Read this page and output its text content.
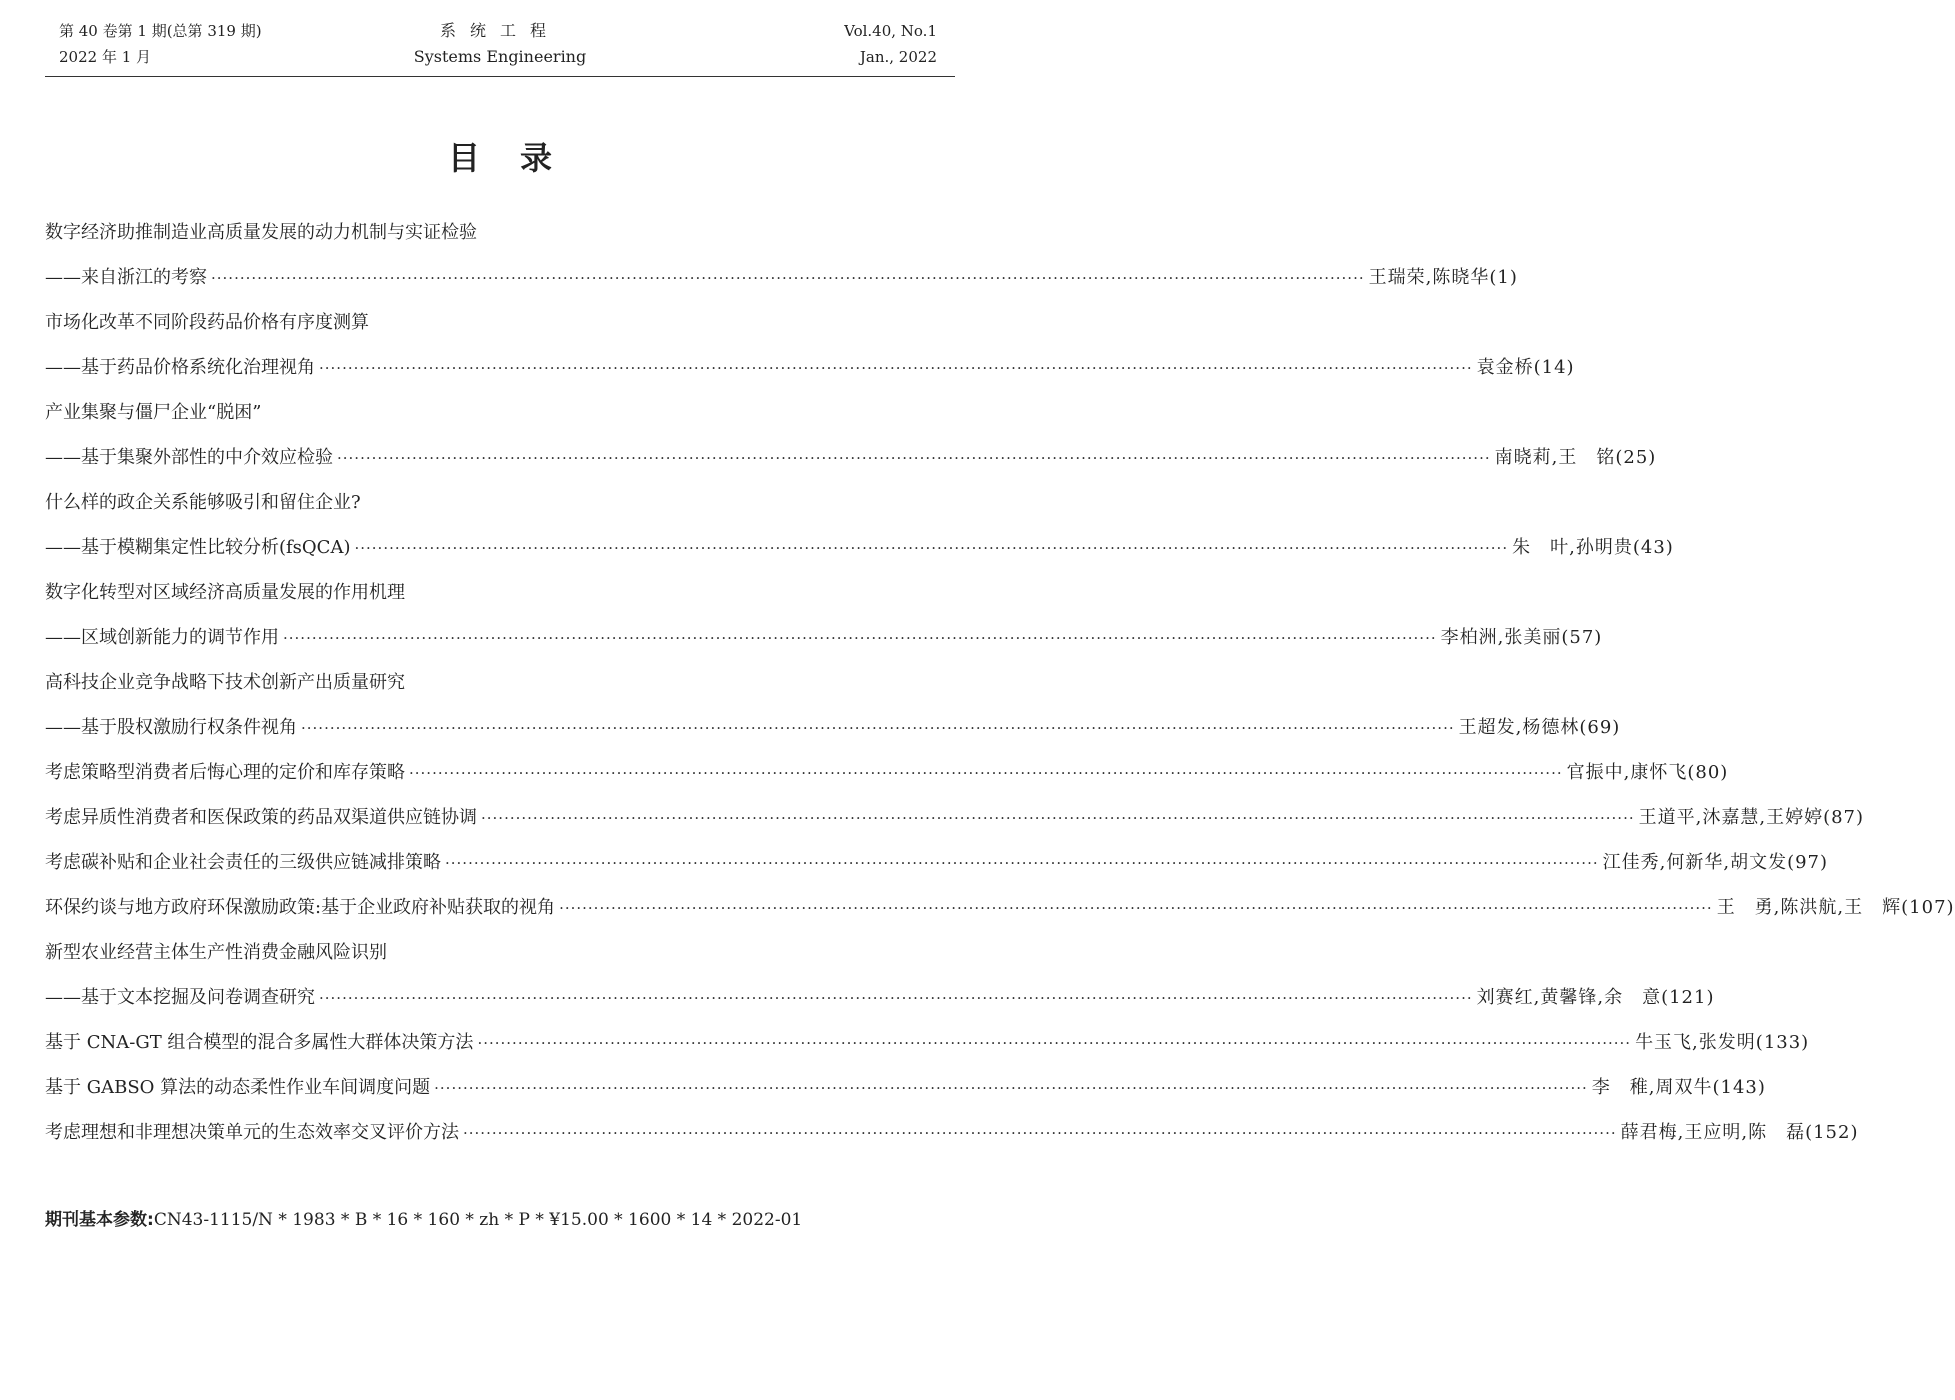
第 40 卷第 1 期(总第 319 期)
2022 年 1 月
系统工程
Systems Engineering
Vol.40, No.1
Jan., 2022
目录
数字经济助推制造业高质量发展的动力机制与实证检验
——来自浙江的考察 ········································································································································································································ 王瑞荣,陈晓华(1)
市场化改革不同阶段药品价格有序度测算
——基于药品价格系统化治理视角 ········································································································································································································ 袁金桥(14)
产业集聚与僵尸企业“脱困”
——基于集聚外部性的中介效应检验 ········································································································································································································ 南晓莉,王　铭(25)
什么样的政企关系能够吸引和留住企业?
——基于模糊集定性比较分析(fsQCA) ········································································································································································································ 朱　叶,孙明贵(43)
数字化转型对区域经济高质量发展的作用机理
——区域创新能力的调节作用 ········································································································································································································ 李柏洲,张美丽(57)
高科技企业竞争战略下技术创新产出质量研究
——基于股权激励行权条件视角 ········································································································································································································ 王超发,杨德林(69)
考虑策略型消费者后悔心理的定价和库存策略 ········································································································································································································ 官振中,康怀飞(80)
考虑异质性消费者和医保政策的药品双渠道供应链协调 ········································································································································································································ 王道平,沐嘉慧,王婷婷(87)
考虑碳补贴和企业社会责任的三级供应链减排策略 ········································································································································································································ 江佳秀,何新华,胡文发(97)
环保约谈与地方政府环保激励政策:基于企业政府补贴获取的视角 ········································································································································································································ 王　勇,陈洪航,王　辉(107)
新型农业经营主体生产性消费金融风险识别
——基于文本挖掘及问卷调查研究 ········································································································································································································ 刘赛红,黄馨锋,余　意(121)
基于 CNA-GT 组合模型的混合多属性大群体决策方法 ········································································································································································································ 牛玉飞,张发明(133)
基于 GABSO 算法的动态柔性作业车间调度问题 ········································································································································································································ 李　稚,周双牛(143)
考虑理想和非理想决策单元的生态效率交叉评价方法 ········································································································································································································ 薛君梅,王应明,陈　磊(152)
期刊基本参数:CN43-1115/N * 1983 * B * 16 * 160 * zh * P * ¥15.00 * 1600 * 14 * 2022-01
